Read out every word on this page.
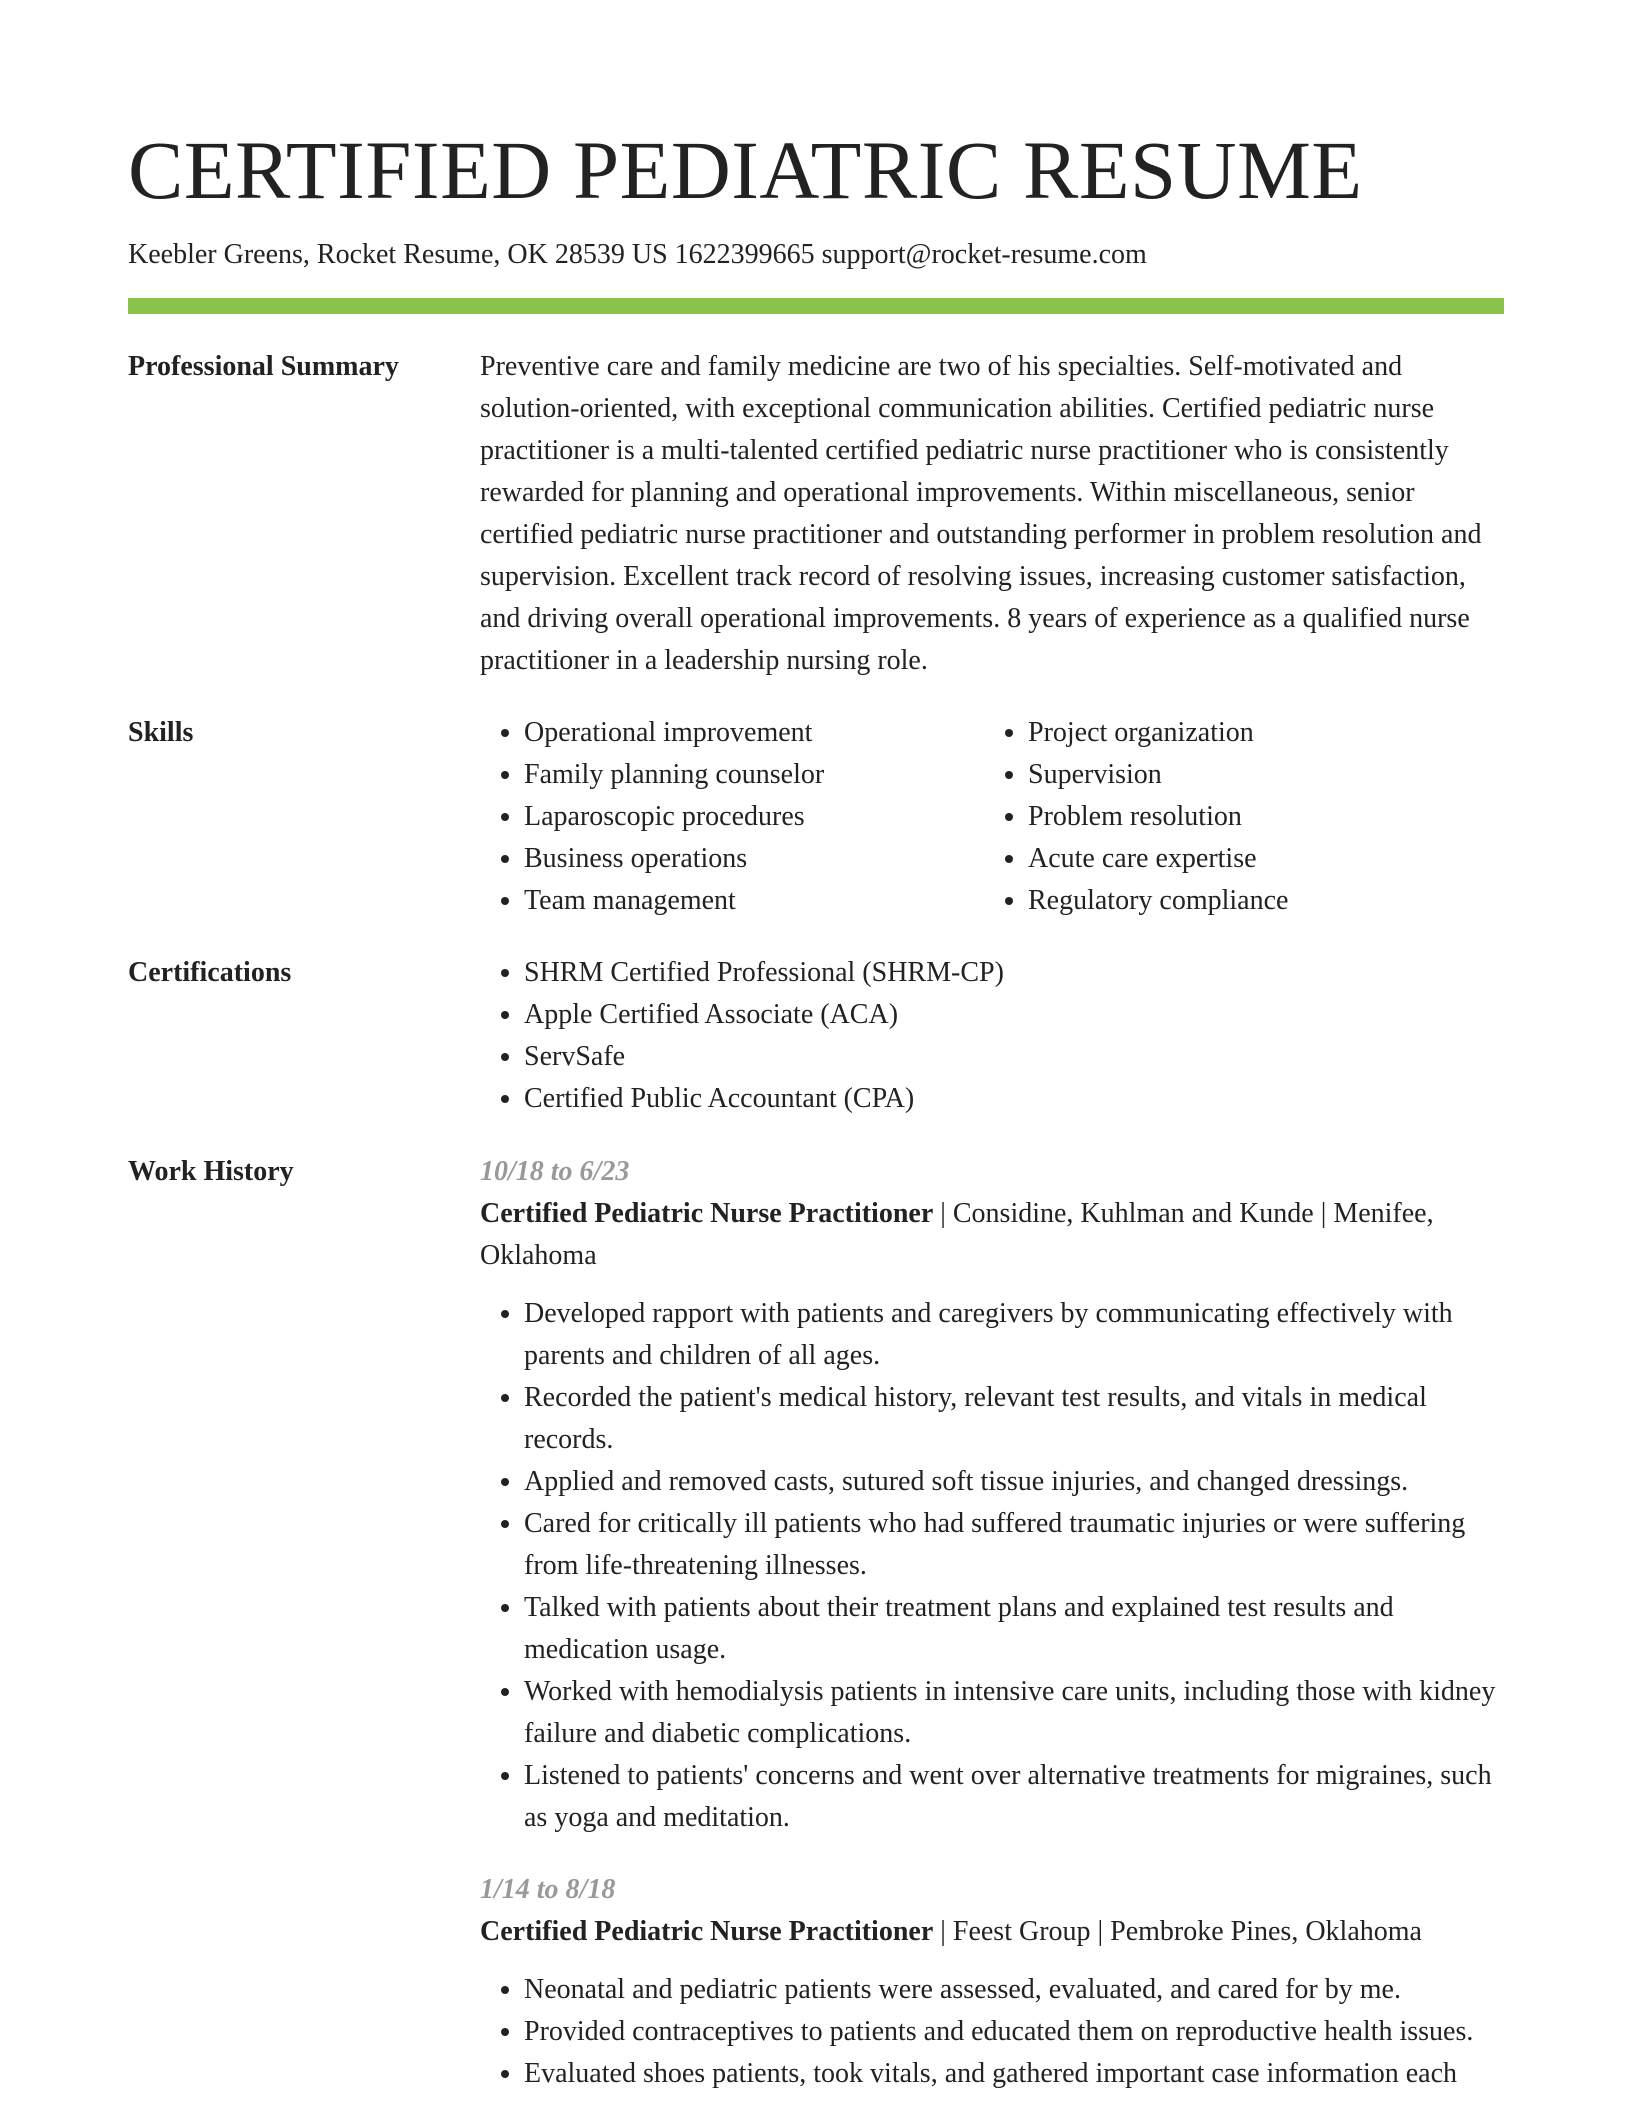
CERTIFIED PEDIATRIC RESUME
Keebler Greens, Rocket Resume, OK 28539 US 1622399665 support@rocket-resume.com
Professional Summary	Preventive care and family medicine are two of his specialties. Self-motivated and solution-oriented, with exceptional communication abilities. Certified pediatric nurse practitioner is a multi-talented certified pediatric nurse practitioner who is consistently rewarded for planning and operational improvements. Within miscellaneous, senior certified pediatric nurse practitioner and outstanding performer in problem resolution and supervision. Excellent track record of resolving issues, increasing customer satisfaction, and driving overall operational improvements. 8 years of experience as a qualified nurse practitioner in a leadership nursing role.

Skills	• Operational improvement
• Family planning counselor
• Laparoscopic procedures
• Business operations
• Team management
• Project organization
• Supervision
• Problem resolution
• Acute care expertise
• Regulatory compliance
Certifications	• SHRM Certified Professional (SHRM-CP)
• Apple Certified Associate (ACA)
• ServSafe
• Certified Public Accountant (CPA)
Work History	10/18 to 6/23

Certified Pediatric Nurse Practitioner | Considine, Kuhlman and Kunde | Menifee, Oklahoma

• Developed rapport with patients and caregivers by communicating effectively with parents and children of all ages.
• Recorded the patient's medical history, relevant test results, and vitals in medical records.
• Applied and removed casts, sutured soft tissue injuries, and changed dressings.
• Cared for critically ill patients who had suffered traumatic injuries or were suffering from life-threatening illnesses.
• Talked with patients about their treatment plans and explained test results and medication usage.
• Worked with hemodialysis patients in intensive care units, including those with kidney failure and diabetic complications.
• Listened to patients' concerns and went over alternative treatments for migraines, such as yoga and meditation.
1/14 to 8/18

Certified Pediatric Nurse Practitioner | Feest Group | Pembroke Pines, Oklahoma

• Neonatal and pediatric patients were assessed, evaluated, and cared for by me.
• Provided contraceptives to patients and educated them on reproductive health issues.
• Evaluated shoes patients, took vitals, and gathered important case information each
